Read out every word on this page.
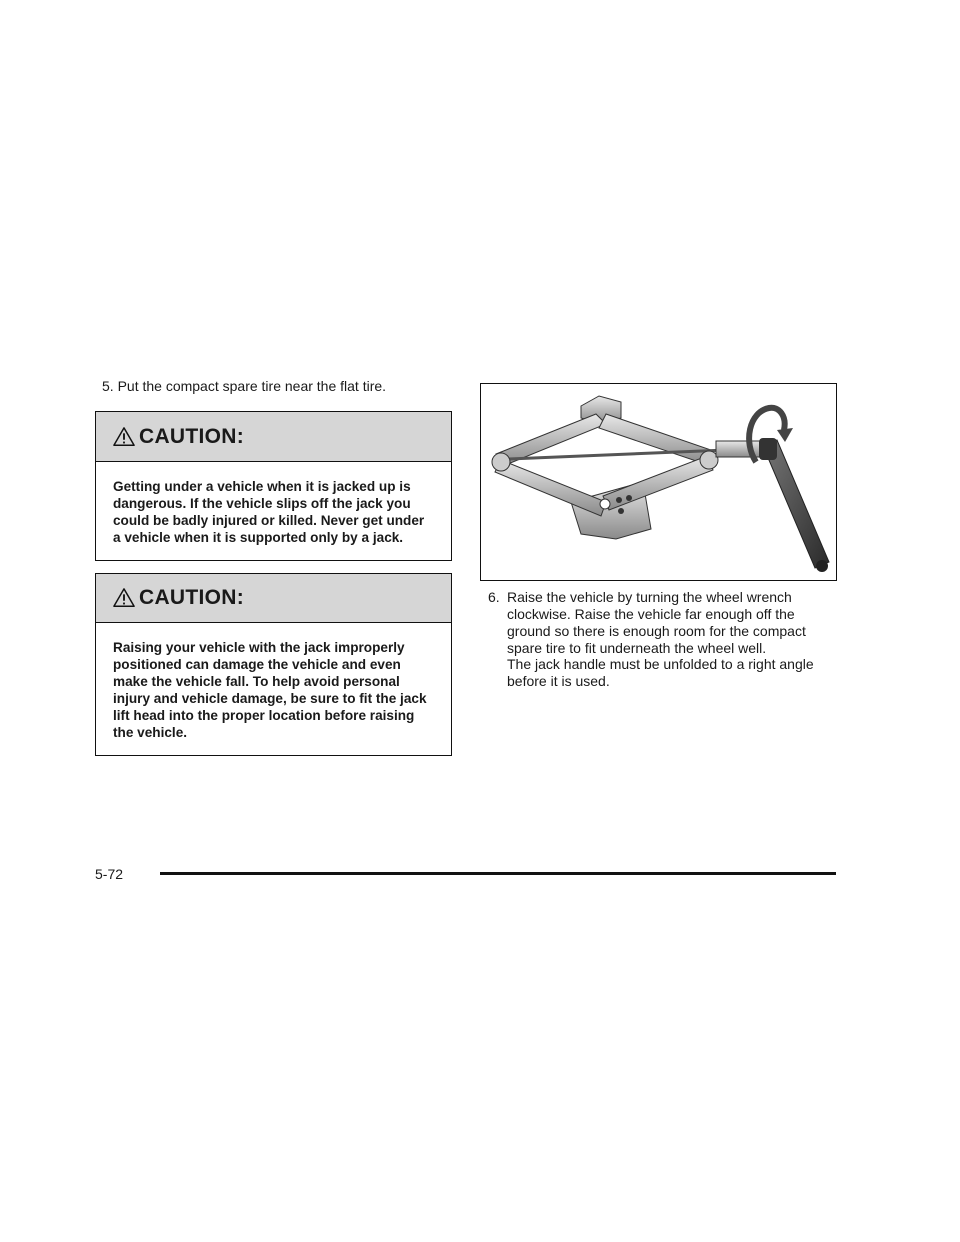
5. Put the compact spare tire near the flat tire.
CAUTION:
Getting under a vehicle when it is jacked up is dangerous. If the vehicle slips off the jack you could be badly injured or killed. Never get under a vehicle when it is supported only by a jack.
CAUTION:
Raising your vehicle with the jack improperly positioned can damage the vehicle and even make the vehicle fall. To help avoid personal injury and vehicle damage, be sure to fit the jack lift head into the proper location before raising the vehicle.
6. Raise the vehicle by turning the wheel wrench clockwise. Raise the vehicle far enough off the ground so there is enough room for the compact spare tire to fit underneath the wheel well.
The jack handle must be unfolded to a right angle before it is used.
5-72
